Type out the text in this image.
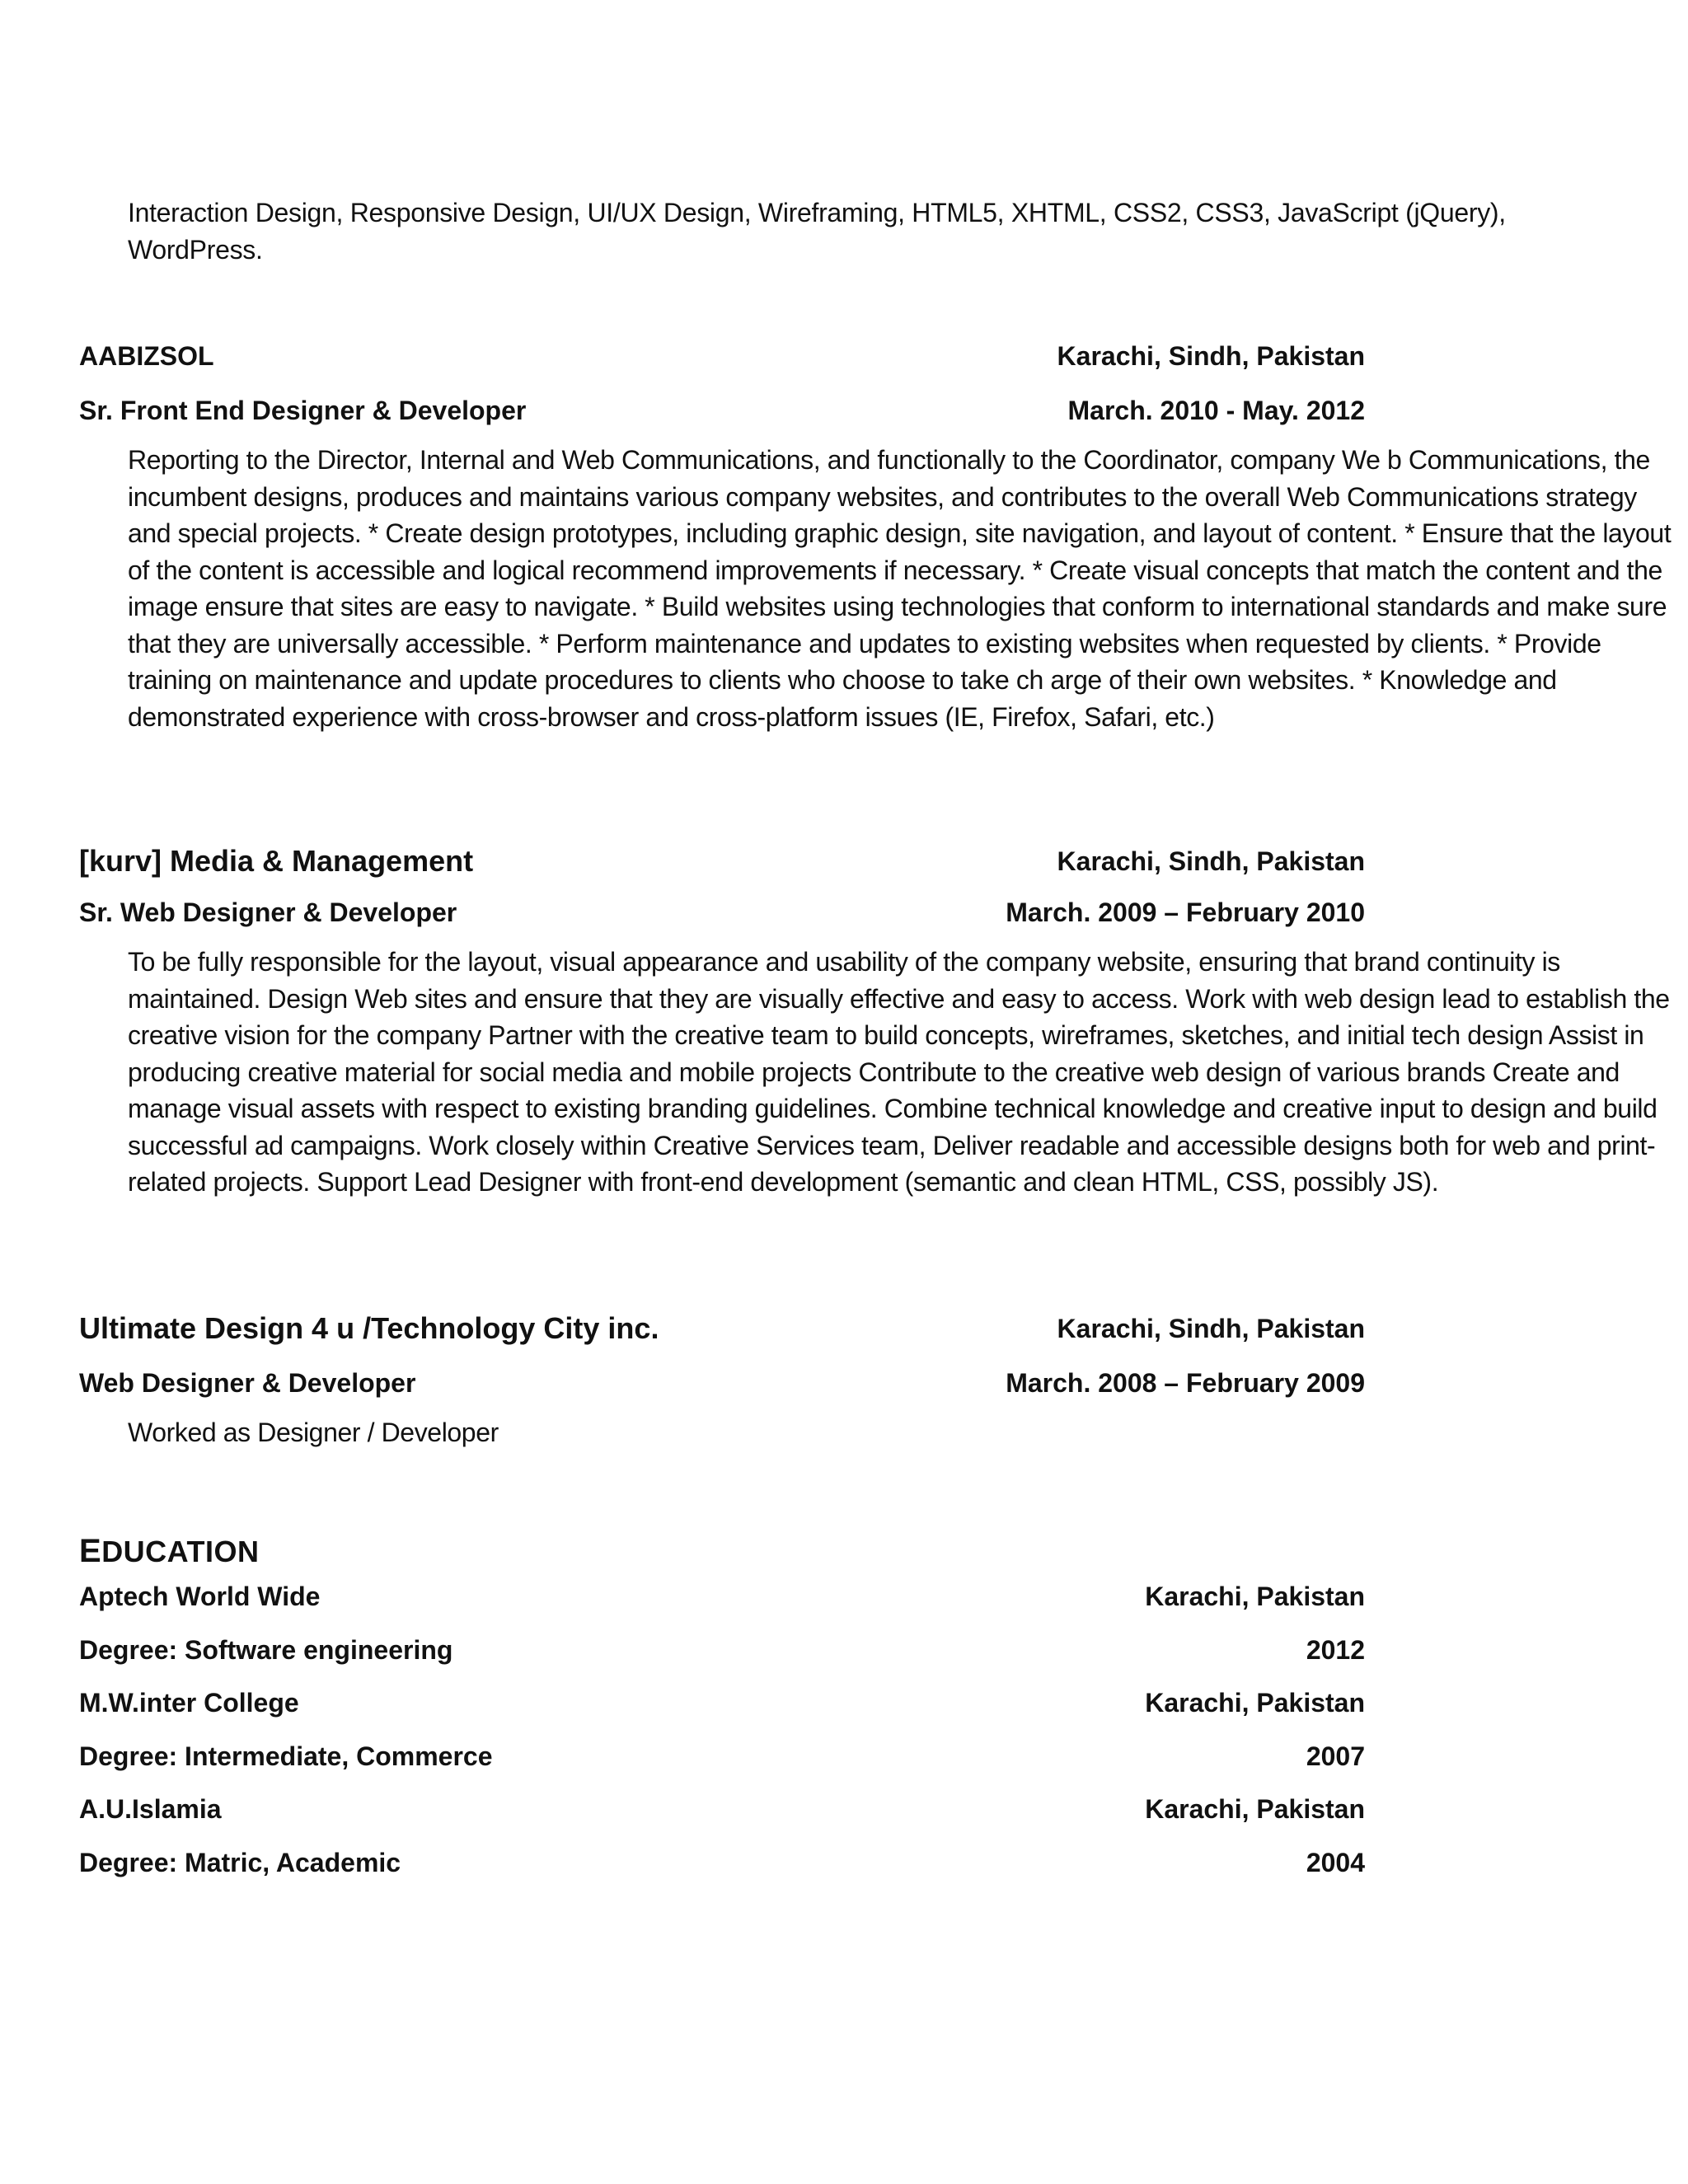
Interaction Design, Responsive Design, UI/UX Design, Wireframing, HTML5, XHTML, CSS2, CSS3, JavaScript (jQuery), WordPress.
AABIZSOL	Karachi, Sindh, Pakistan
Sr. Front End Designer & Developer	March. 2010 - May. 2012
Reporting to the Director, Internal and Web Communications, and functionally to the Coordinator, company We b Communications, the incumbent designs, produces and maintains various company websites, and contributes to the overall Web Communications strategy and special projects. * Create design prototypes, including graphic design, site navigation, and layout of content. * Ensure that the layout of the content is accessible and logical recommend improvements if necessary. * Create visual concepts that match the content and the image ensure that sites are easy to navigate. * Build websites using technologies that conform to international standards and make sure that they are universally accessible. * Perform maintenance and updates to existing websites when requested by clients. * Provide training on maintenance and update procedures to clients who choose to take ch arge of their own websites. * Knowledge and demonstrated experience with cross-browser and cross-platform issues (IE, Firefox, Safari, etc.)
[kurv] Media & Management	Karachi, Sindh, Pakistan
Sr. Web Designer & Developer	March. 2009 – February 2010
To be fully responsible for the layout, visual appearance and usability of the company website, ensuring that brand continuity is maintained. Design Web sites and ensure that they are visually effective and easy to access. Work with web design lead to establish the creative vision for the company Partner with the creative team to build concepts, wireframes, sketches, and initial tech design Assist in producing creative material for social media and mobile projects Contribute to the creative web design of various brands Create and manage visual assets with respect to existing branding guidelines. Combine technical knowledge and creative input to design and build successful ad campaigns. Work closely within Creative Services team, Deliver readable and accessible designs both for web and print-related projects. Support Lead Designer with front-end development (semantic and clean HTML, CSS, possibly JS).
Ultimate Design 4 u /Technology City inc.	Karachi, Sindh, Pakistan
Web Designer & Developer	March. 2008 – February 2009
Worked as Designer / Developer
EDUCATION
Aptech World Wide	Karachi, Pakistan
Degree: Software engineering	2012
M.W.inter College	Karachi, Pakistan
Degree: Intermediate, Commerce	2007
A.U.Islamia	Karachi, Pakistan
Degree: Matric, Academic	2004
